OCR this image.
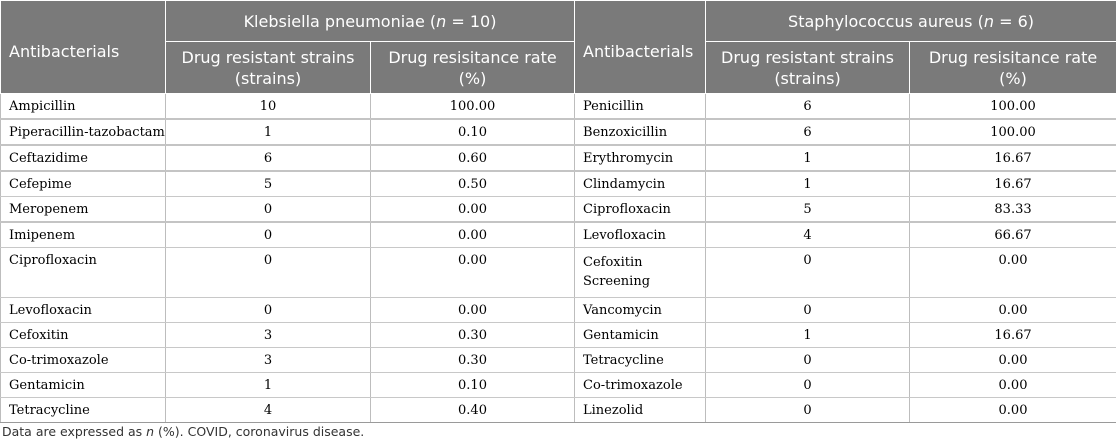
Antibacterials	Klebsiella pneumoniae (n = 10)		Antibacterials	Staphylococcus aureus (n = 6)	
	Drug resistant strains (strains)	Drug resisitance rate (%)		Drug resistant strains (strains)	Drug resisitance rate (%)
Ampicillin	10	100.00	Penicillin	6	100.00
Piperacillin-tazobactam	1	0.10	Benzoxicillin	6	100.00
Ceftazidime	6	0.60	Erythromycin	1	16.67
Cefepime	5	0.50	Clindamycin	1	16.67
Meropenem	0	0.00	Ciprofloxacin	5	83.33
Imipenem	0	0.00	Levofloxacin	4	66.67
Ciprofloxacin	0	0.00	Cefoxitin Screening	0	0.00
Levofloxacin	0	0.00	Vancomycin	0	0.00
Cefoxitin	3	0.30	Gentamicin	1	16.67
Co-trimoxazole	3	0.30	Tetracycline	0	0.00
Gentamicin	1	0.10	Co-trimoxazole	0	0.00
Tetracycline	4	0.40	Linezolid	0	0.00
Data are expressed as n (%). COVID, coronavirus disease.
